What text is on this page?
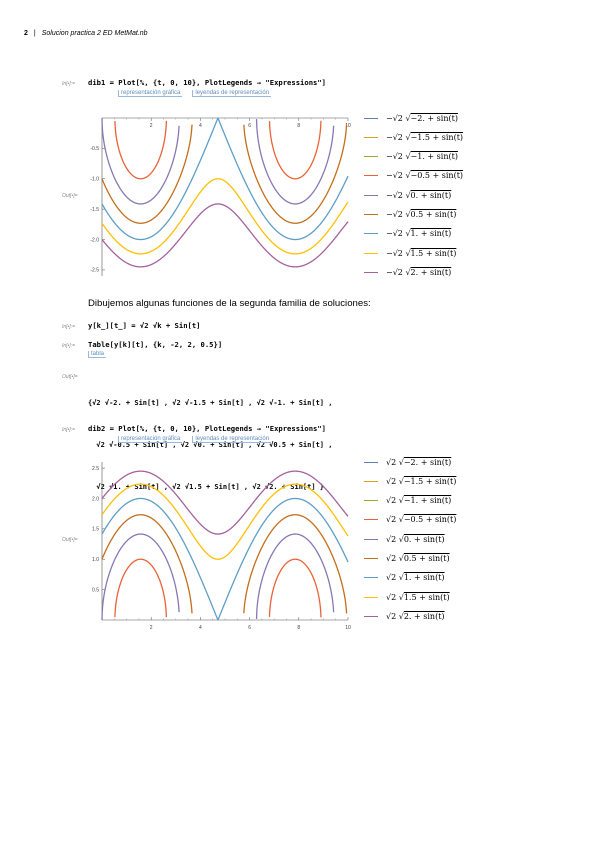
2 | Solucion practica 2 ED MetMat.nb
In[•]:= dib1 = Plot[%, {t, 0, 10}, PlotLegends → "Expressions"]
representación gráfica	leyendas de representación
Out[•]=
2	4	6	8	10
-0.5
-1.0
-1.5
-2.0
-2.5
−√2 √ −2. + sin(t)
−√2 √ −1.5 + sin(t)
−√2 √ −1. + sin(t)
−√2 √ −0.5 + sin(t)
−√2 √ 0. + sin(t)
−√2 √ 0.5 + sin(t)
−√2 √ 1. + sin(t)
−√2 √ 1.5 + sin(t)
−√2 √ 2. + sin(t)
Dibujemos algunas funciones de la segunda familia de soluciones:
In[•]:= y[k_][t_] = √2 √k + Sin[t]
In[•]:= Table[y[k][t], {k, -2, 2, 0.5}]
tabla
Out[•]=

{√2 √-2. + Sin[t] , √2 √-1.5 + Sin[t] , √2 √-1. + Sin[t] ,

√2 √-0.5 + Sin[t] , √2 √0. + Sin[t] , √2 √0.5 + Sin[t] ,

√2 √1. + Sin[t] , √2 √1.5 + Sin[t] , √2 √2. + Sin[t] }

In[•]:= dib2 = Plot[%, {t, 0, 10}, PlotLegends → "Expressions"]
representación gráfica	leyendas de representación
Out[•]=
2	4	6	8	10
0.5
1.0
1.5
2.0
2.5
√2 √ −2. + sin(t)
√2 √ −1.5 + sin(t)
√2 √ −1. + sin(t)
√2 √ −0.5 + sin(t)
√2 √ 0. + sin(t)
√2 √ 0.5 + sin(t)
√2 √ 1. + sin(t)
√2 √ 1.5 + sin(t)
√2 √ 2. + sin(t)
